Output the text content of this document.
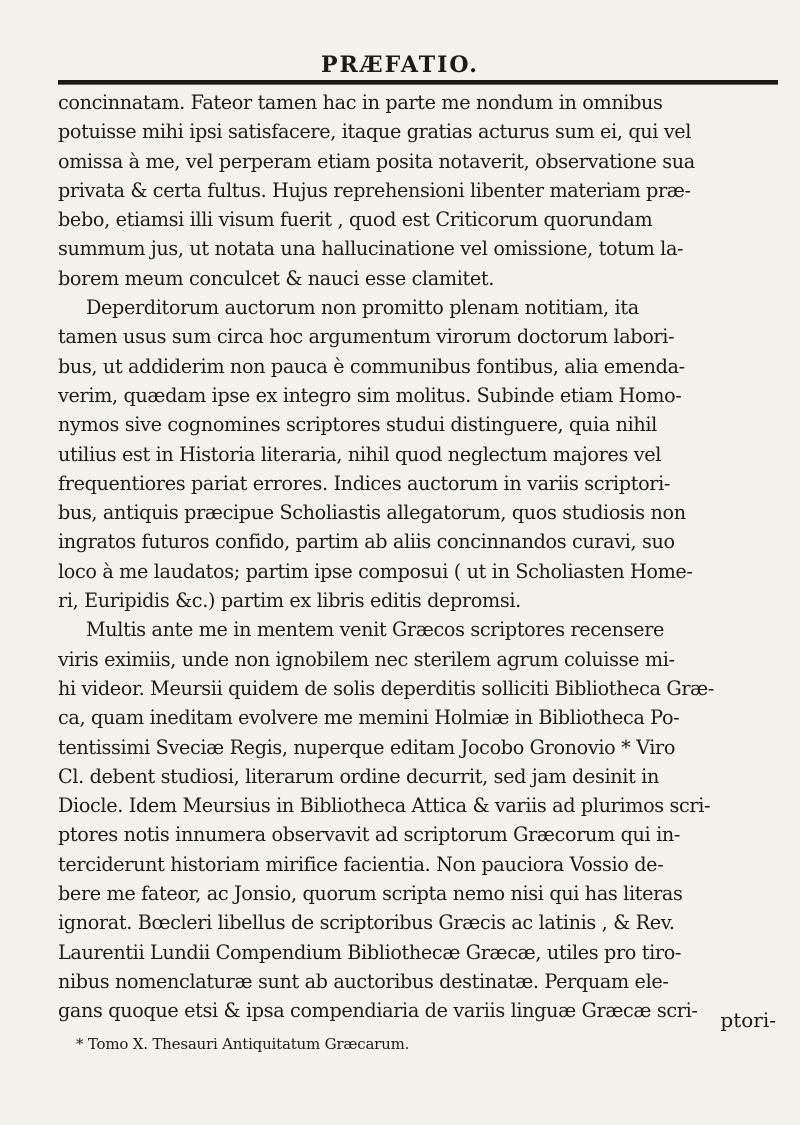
PRÆFATIO.
concinnatam. Fateor tamen hac in parte me nondum in omnibus
potuisse mihi ipsi satisfacere, itaque gratias acturus sum ei, qui vel
omissa à me, vel perperam etiam posita notaverit, observatione sua
privata & certa fultus. Hujus reprehensioni libenter materiam præ-
bebo, etiamsi illi visum fuerit , quod est Criticorum quorundam
summum jus, ut notata una hallucinatione vel omissione, totum la-
borem meum conculcet & nauci esse clamitet.
Deperditorum auctorum non promitto plenam notitiam, ita
tamen usus sum circa hoc argumentum virorum doctorum labori-
bus, ut addiderim non pauca è communibus fontibus, alia emenda-
verim, quædam ipse ex integro sim molitus. Subinde etiam Homo-
nymos sive cognomines scriptores studui distinguere, quia nihil
utilius est in Historia literaria, nihil quod neglectum majores vel
frequentiores pariat errores. Indices auctorum in variis scriptori-
bus, antiquis præcipue Scholiastis allegatorum, quos studiosis non
ingratos futuros confido, partim ab aliis concinnandos curavi, suo
loco à me laudatos; partim ipse composui ( ut in Scholiasten Home-
ri, Euripidis &c.) partim ex libris editis depromsi.
Multis ante me in mentem venit Græcos scriptores recensere
viris eximiis, unde non ignobilem nec sterilem agrum coluisse mi-
hi videor. Meursii quidem de solis deperditis solliciti Bibliotheca Græ-
ca, quam ineditam evolvere me memini Holmiæ in Bibliotheca Po-
tentissimi Sveciæ Regis, nuperque editam Jocobo Gronovio * Viro
Cl. debent studiosi, literarum ordine decurrit, sed jam desinit in
Diocle. Idem Meursius in Bibliotheca Attica & variis ad plurimos scri-
ptores notis innumera observavit ad scriptorum Græcorum qui in-
terciderunt historiam mirifice facientia. Non pauciora Vossio de-
bere me fateor, ac Jonsio, quorum scripta nemo nisi qui has literas
ignorat. Bœcleri libellus de scriptoribus Græcis ac latinis , & Rev.
Laurentii Lundii Compendium Bibliothecæ Græcæ, utiles pro tiro-
nibus nomenclaturæ sunt ab auctoribus destinatæ. Perquam ele-
gans quoque etsi & ipsa compendiaria de variis linguæ Græcæ scri-	ptori-
* Tomo X. Thesauri Antiquitatum Græcarum.
